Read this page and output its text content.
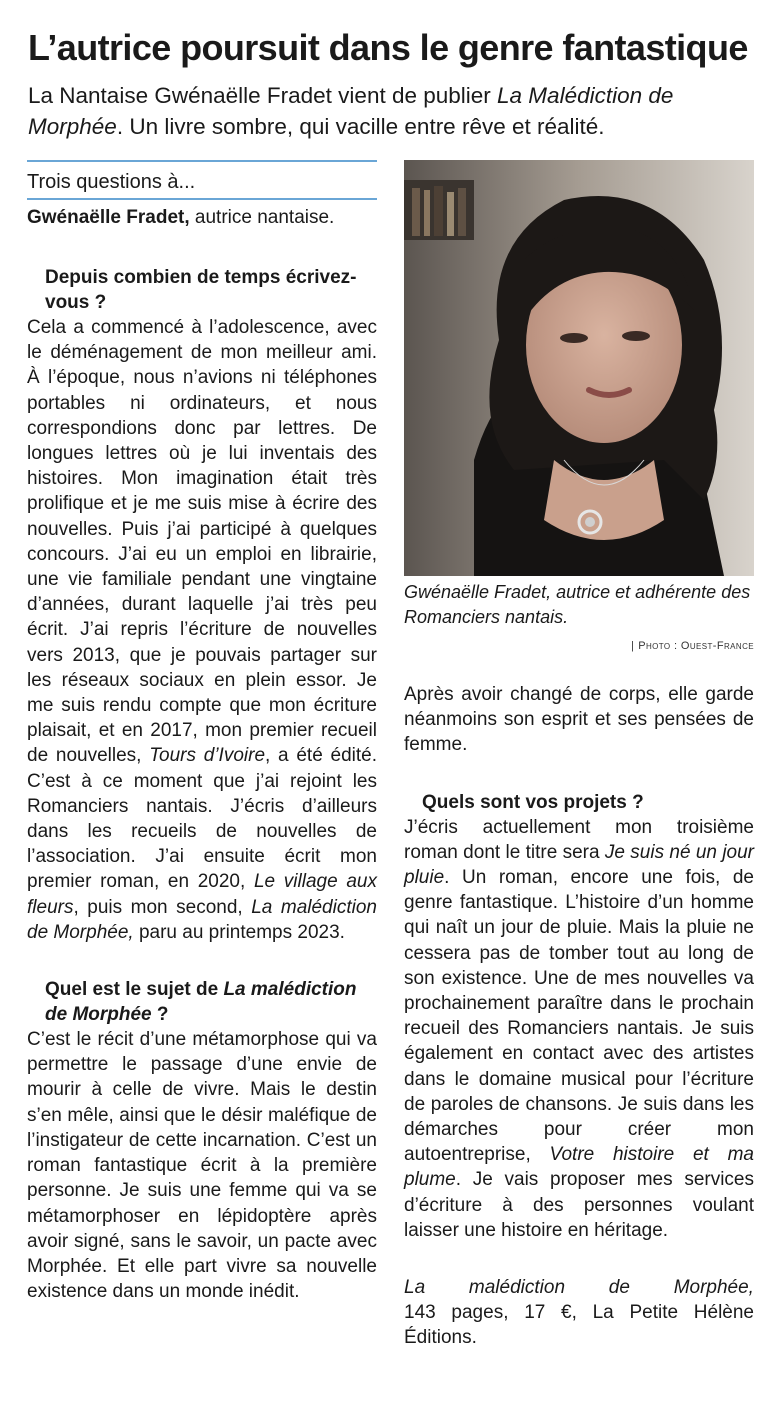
L’autrice poursuit dans le genre fantastique

La Nantaise Gwénaëlle Fradet vient de publier La Malédiction de Morphée. Un livre sombre, qui vacille entre rêve et réalité.

Trois questions à...
Gwénaëlle Fradet, autrice nantaise.

Depuis combien de temps écrivez-vous ?

Cela a commencé à l’adolescence, avec le déménagement de mon meilleur ami. À l’époque, nous n’avions ni téléphones portables ni ordinateurs, et nous correspondions donc par lettres. De longues lettres où je lui inventais des histoires. Mon imagination était très prolifique et je me suis mise à écrire des nouvelles. Puis j’ai participé à quelques concours. J’ai eu un emploi en librairie, une vie familiale pendant une vingtaine d’années, durant laquelle j’ai très peu écrit. J’ai repris l’écriture de nouvelles vers 2013, que je pouvais partager sur les réseaux sociaux en plein essor. Je me suis rendu compte que mon écriture plaisait, et en 2017, mon premier recueil de nouvelles, Tours d’Ivoire, a été édité. C’est à ce moment que j’ai rejoint les Romanciers nantais. J’écris d’ailleurs dans les recueils de nouvelles de l’association. J’ai ensuite écrit mon premier roman, en 2020, Le village aux fleurs, puis mon second, La malédiction de Morphée, paru au printemps 2023.

Quel est le sujet de La malédiction de Morphée ?

C’est le récit d’une métamorphose qui va permettre le passage d’une envie de mourir à celle de vivre. Mais le destin s’en mêle, ainsi que le désir maléfique de l’instigateur de cette incarnation. C’est un roman fantastique écrit à la première personne. Je suis une femme qui va se métamorphoser en lépidoptère après avoir signé, sans le savoir, un pacte avec Morphée. Et elle part vivre sa nouvelle existence dans un monde inédit.

Gwénaëlle Fradet, autrice et adhérente des Romanciers nantais.

| Photo : Ouest-France

Après avoir changé de corps, elle garde néanmoins son esprit et ses pensées de femme.

Quels sont vos projets ?

J’écris actuellement mon troisième roman dont le titre sera Je suis né un jour pluie. Un roman, encore une fois, de genre fantastique. L’histoire d’un homme qui naît un jour de pluie. Mais la pluie ne cessera pas de tomber tout au long de son existence. Une de mes nouvelles va prochainement paraître dans le prochain recueil des Romanciers nantais. Je suis également en contact avec des artistes dans le domaine musical pour l’écriture de paroles de chansons. Je suis dans les démarches pour créer mon autoentreprise, Votre histoire et ma plume. Je vais proposer mes services d’écriture à des personnes voulant laisser une histoire en héritage.

La malédiction de Morphée,
143 pages, 17 €, La Petite Hélène Éditions.
